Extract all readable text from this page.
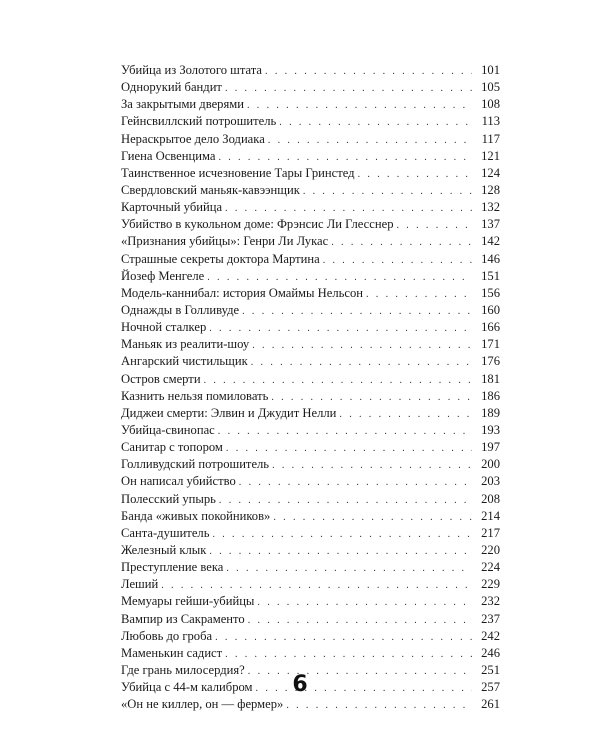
Убийца из Золотого штата . . .	101
Однорукий бандит . . .	105
За закрытыми дверями . . .	108
Гейнсвиллский потрошитель . . .	113
Нераскрытое дело Зодиака . . .	117
Гиена Освенцима . . .	121
Таинственное исчезновение Тары Гринстед . . .	124
Свердловский маньяк-кавээнщик . . .	128
Карточный убийца . . .	132
Убийство в кукольном доме: Фрэнсис Ли Глесснер . . .	137
«Признания убийцы»: Генри Ли Лукас . . .	142
Страшные секреты доктора Мартина . . .	146
Йозеф Менгеле . . .	151
Модель-каннибал: история Омаймы Нельсон . . .	156
Однажды в Голливуде . . .	160
Ночной сталкер . . .	166
Маньяк из реалити-шоу . . .	171
Ангарский чистильщик . . .	176
Остров смерти . . .	181
Казнить нельзя помиловать . . .	186
Диджеи смерти: Элвин и Джудит Нелли . . .	189
Убийца-свинопас . . .	193
Санитар с топором . . .	197
Голливудский потрошитель . . .	200
Он написал убийство . . .	203
Полесский упырь . . .	208
Банда «живых покойников» . . .	214
Санта-душитель . . .	217
Железный клык . . .	220
Преступление века . . .	224
Леший . . .	229
Мемуары гейши-убийцы . . .	232
Вампир из Сакраменто . . .	237
Любовь до гроба . . .	242
Маменькин садист . . .	246
Где грань милосердия? . . .	251
Убийца с 44-м калибром . . .	257
«Он не киллер, он — фермер» . . .	261
6
